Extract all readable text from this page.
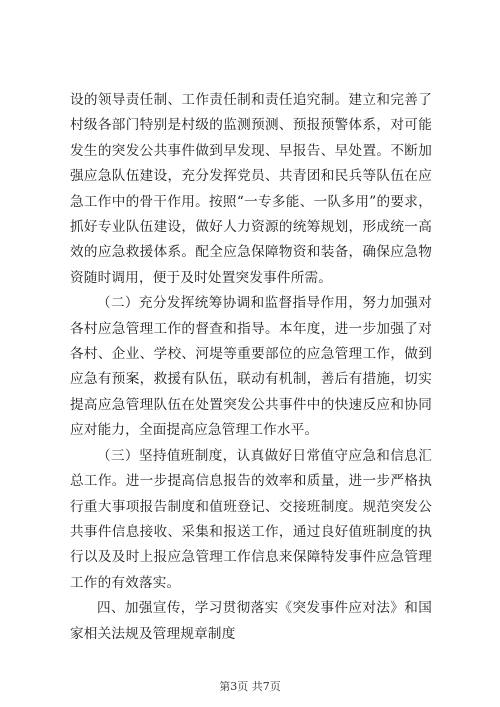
设的领导责任制、工作责任制和责任追究制。建立和完善了村级各部门特别是村级的监测预测、预报预警体系，对可能发生的突发公共事件做到早发现、早报告、早处置。不断加强应急队伍建设，充分发挥党员、共青团和民兵等队伍在应急工作中的骨干作用。按照“一专多能、一队多用”的要求，抓好专业队伍建设，做好人力资源的统筹规划，形成统一高效的应急救援体系。配全应急保障物资和装备，确保应急物资随时调用，便于及时处置突发事件所需。

（二）充分发挥统筹协调和监督指导作用，努力加强对各村应急管理工作的督查和指导。本年度，进一步加强了对各村、企业、学校、河堤等重要部位的应急管理工作，做到应急有预案，救援有队伍，联动有机制，善后有措施，切实提高应急管理队伍在处置突发公共事件中的快速反应和协同应对能力，全面提高应急管理工作水平。

（三）坚持值班制度，认真做好日常值守应急和信息汇总工作。进一步提高信息报告的效率和质量，进一步严格执行重大事项报告制度和值班登记、交接班制度。规范突发公共事件信息接收、采集和报送工作，通过良好值班制度的执行以及及时上报应急管理工作信息来保障特发事件应急管理工作的有效落实。

四、加强宣传，学习贯彻落实《突发事件应对法》和国家相关法规及管理规章制度

第3页 共7页
